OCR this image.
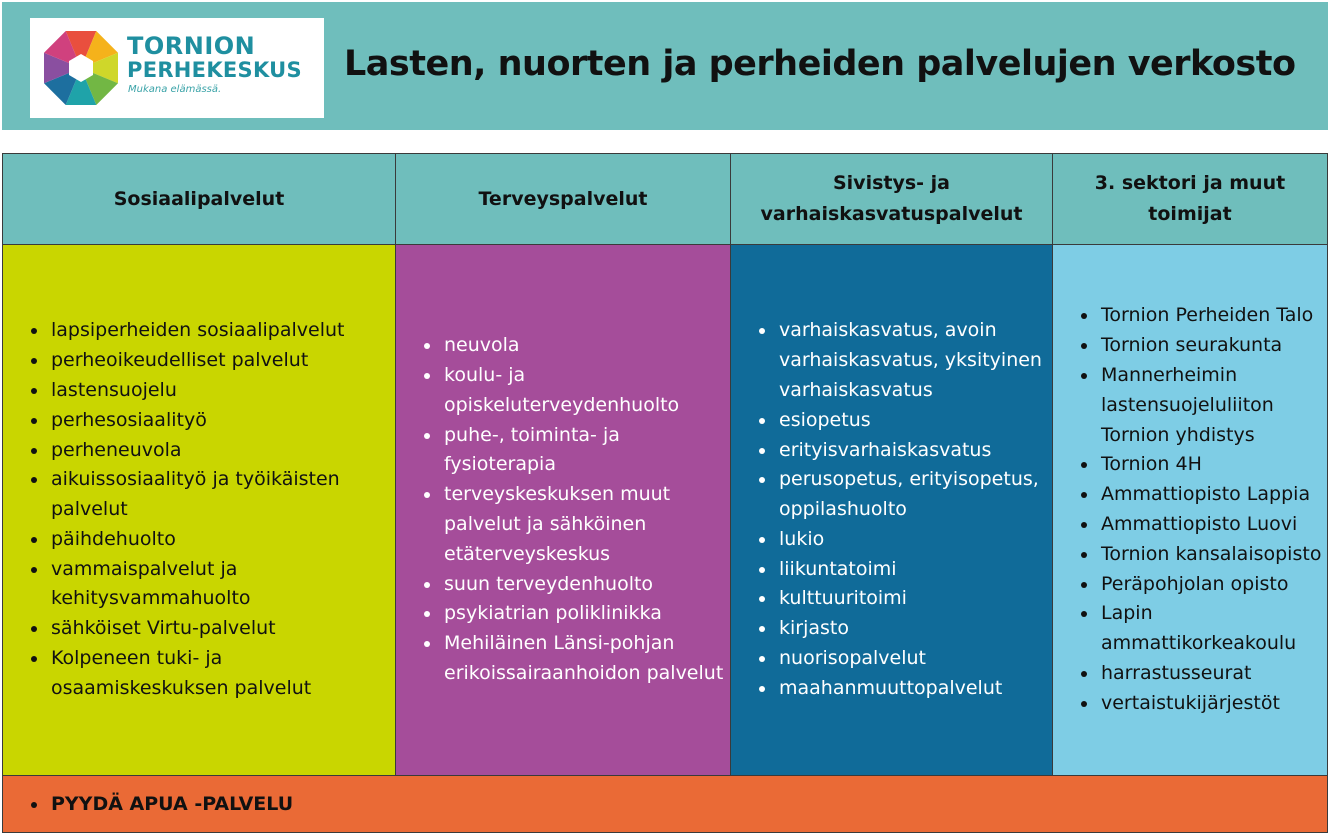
TORNION
PERHEKESKUS
Mukana elämässä.
Lasten, nuorten ja perheiden palvelujen verkosto
Sosiaalipalvelut	Terveyspalvelut
Sivistys- ja varhaiskasvatuspalvelut
3. sektori ja muut toimijat
lapsiperheiden sosiaalipalvelut
perheoikeudelliset palvelut
lastensuojelu
perhesosiaalityö
perheneuvola
aikuissosiaalityö ja työikäisten palvelut
päihdehuolto
vammaispalvelut ja kehitysvammahuolto
sähköiset Virtu-palvelut
Kolpeneen tuki- ja osaamiskeskuksen palvelut
neuvola
koulu- ja opiskeluterveydenhuolto
puhe-, toiminta- ja fysioterapia
terveyskeskuksen muut palvelut ja sähköinen etäterveyskeskus
suun terveydenhuolto
psykiatrian poliklinikka
Mehiläinen Länsi-pohjan erikoissairaanhoidon palvelut
varhaiskasvatus, avoin varhaiskasvatus, yksityinen varhaiskasvatus
esiopetus
erityisvarhaiskasvatus
perusopetus, erityisopetus, oppilashuolto
lukio
liikuntatoimi
kulttuuritoimi
kirjasto
nuorisopalvelut
maahanmuuttopalvelut
Tornion Perheiden Talo
Tornion seurakunta
Mannerheimin lastensuojeluliiton Tornion yhdistys
Tornion 4H
Ammattiopisto Lappia
Ammattiopisto Luovi
Tornion kansalaisopisto
Peräpohjolan opisto
Lapin ammattikorkeakoulu
harrastusseurat
vertaistukijärjestöt
PYYDÄ APUA -PALVELU
